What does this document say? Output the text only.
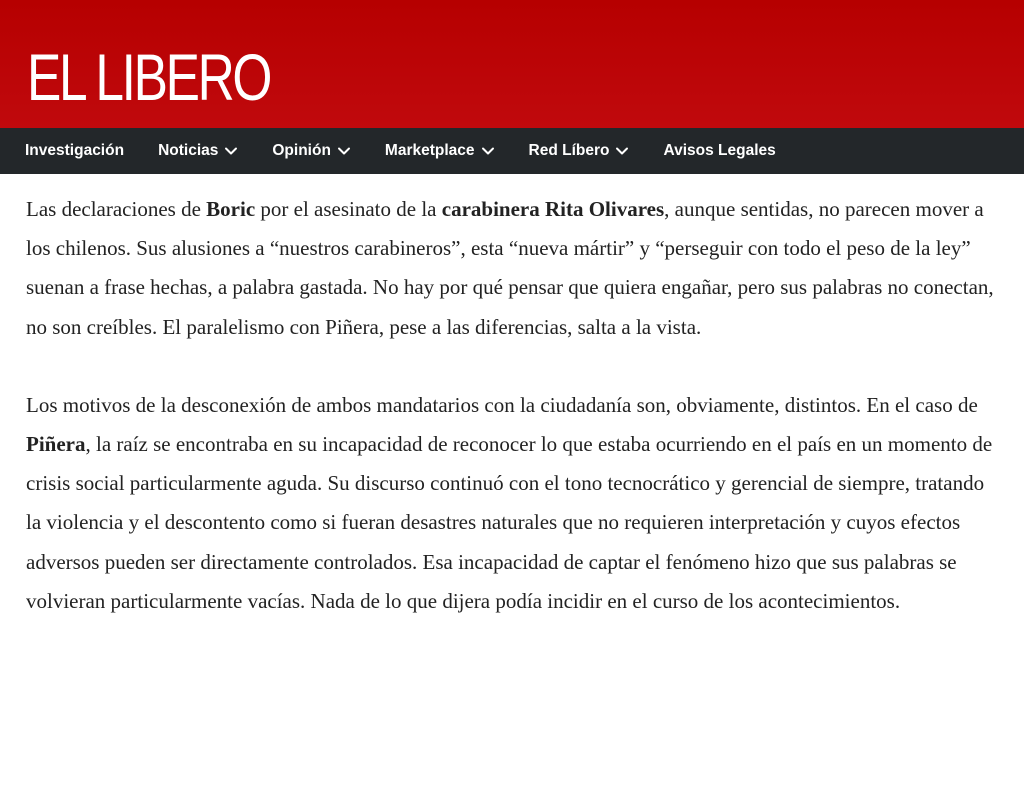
EL LIBERO
Investigación Noticias	Opinión	Marketplace	Red Líbero	Avisos Legales

Las declaraciones de Boric por el asesinato de la carabinera Rita Olivares, aunque sentidas, no parecen mover a los chilenos. Sus alusiones a “nuestros carabineros”, esta “nueva mártir” y “perseguir con todo el peso de la ley” suenan a frase hechas, a palabra gastada. No hay por qué pensar que quiera engañar, pero sus palabras no conectan, no son creíbles. El paralelismo con Piñera, pese a las diferencias, salta a la vista.

Los motivos de la desconexión de ambos mandatarios con la ciudadanía son, obviamente, distintos. En el caso de Piñera, la raíz se encontraba en su incapacidad de reconocer lo que estaba ocurriendo en el país en un momento de crisis social particularmente aguda. Su discurso continuó con el tono tecnocrático y gerencial de siempre, tratando la violencia y el descontento como si fueran desastres naturales que no requieren interpretación y cuyos efectos adversos pueden ser directamente controlados. Esa incapacidad de captar el fenómeno hizo que sus palabras se volvieran particularmente vacías. Nada de lo que dijera podía incidir en el curso de los acontecimientos.
